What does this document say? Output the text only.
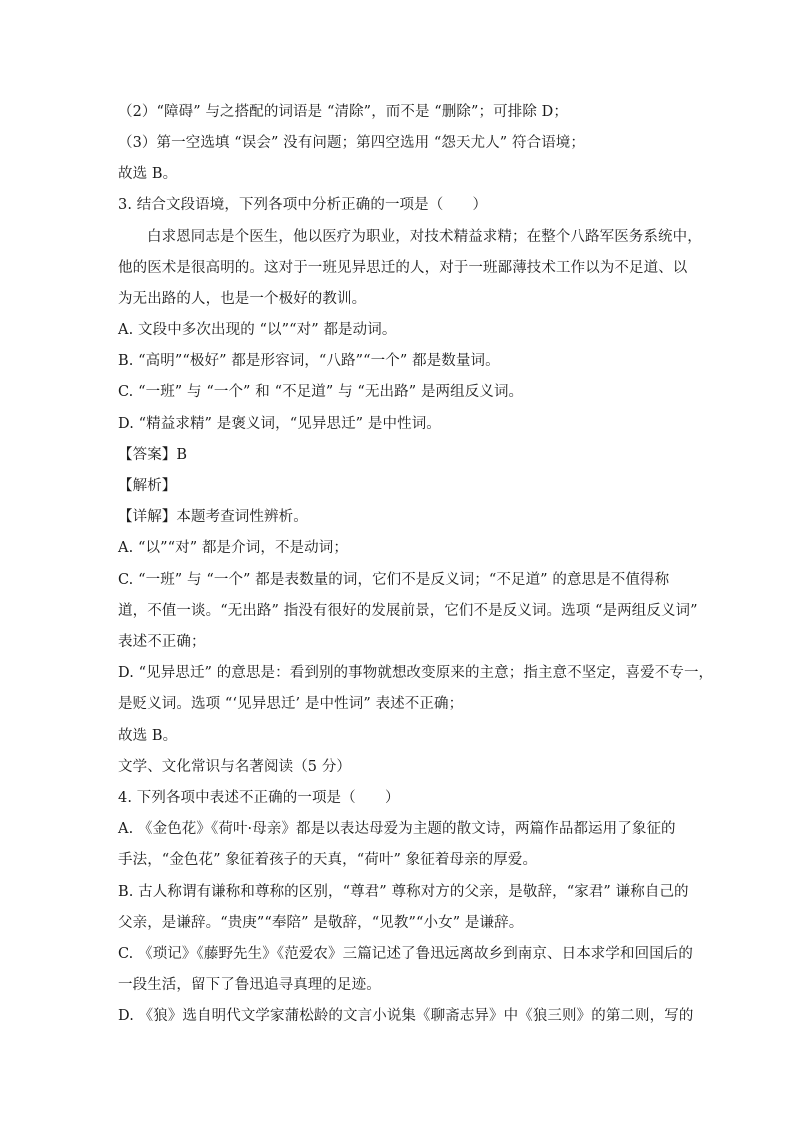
（2）“障碍” 与之搭配的词语是 “清除”，而不是 “删除”；可排除 D；
（3）第一空选填 “误会” 没有问题；第四空选用 “怨天尤人” 符合语境；
故选 B。
3. 结合文段语境，下列各项中分析正确的一项是（　　）
白求恩同志是个医生，他以医疗为职业，对技术精益求精；在整个八路军医务系统中，
他的医术是很高明的。这对于一班见异思迁的人，对于一班鄙薄技术工作以为不足道、以
为无出路的人，也是一个极好的教训。
A. 文段中多次出现的 “以”“对” 都是动词。
B. “高明”“极好” 都是形容词，“八路”“一个” 都是数量词。
C. “一班” 与 “一个” 和 “不足道” 与 “无出路” 是两组反义词。
D. “精益求精” 是褒义词，“见异思迁” 是中性词。
【答案】B
【解析】
【详解】本题考查词性辨析。
A. “以”“对” 都是介词，不是动词；
C. “一班” 与 “一个” 都是表数量的词，它们不是反义词；“不足道” 的意思是不值得称
道，不值一谈。“无出路” 指没有很好的发展前景，它们不是反义词。选项 “是两组反义词”
表述不正确；
D. “见异思迁” 的意思是：看到别的事物就想改变原来的主意；指主意不坚定，喜爱不专一，
是贬义词。选项 “‘见异思迁’ 是中性词” 表述不正确；
故选 B。
文学、文化常识与名著阅读（5 分）
4. 下列各项中表述不正确的一项是（　　）
A. 《金色花》《荷叶·母亲》都是以表达母爱为主题的散文诗，两篇作品都运用了象征的
手法，“金色花” 象征着孩子的天真，“荷叶” 象征着母亲的厚爱。
B. 古人称谓有谦称和尊称的区别，“尊君” 尊称对方的父亲，是敬辞，“家君” 谦称自己的
父亲，是谦辞。“贵庚”“奉陪” 是敬辞，“见教”“小女” 是谦辞。
C. 《琐记》《藤野先生》《范爱农》三篇记述了鲁迅远离故乡到南京、日本求学和回国后的
一段生活，留下了鲁迅追寻真理的足迹。
D. 《狼》选自明代文学家蒲松龄的文言小说集《聊斋志异》中《狼三则》的第二则，写的
